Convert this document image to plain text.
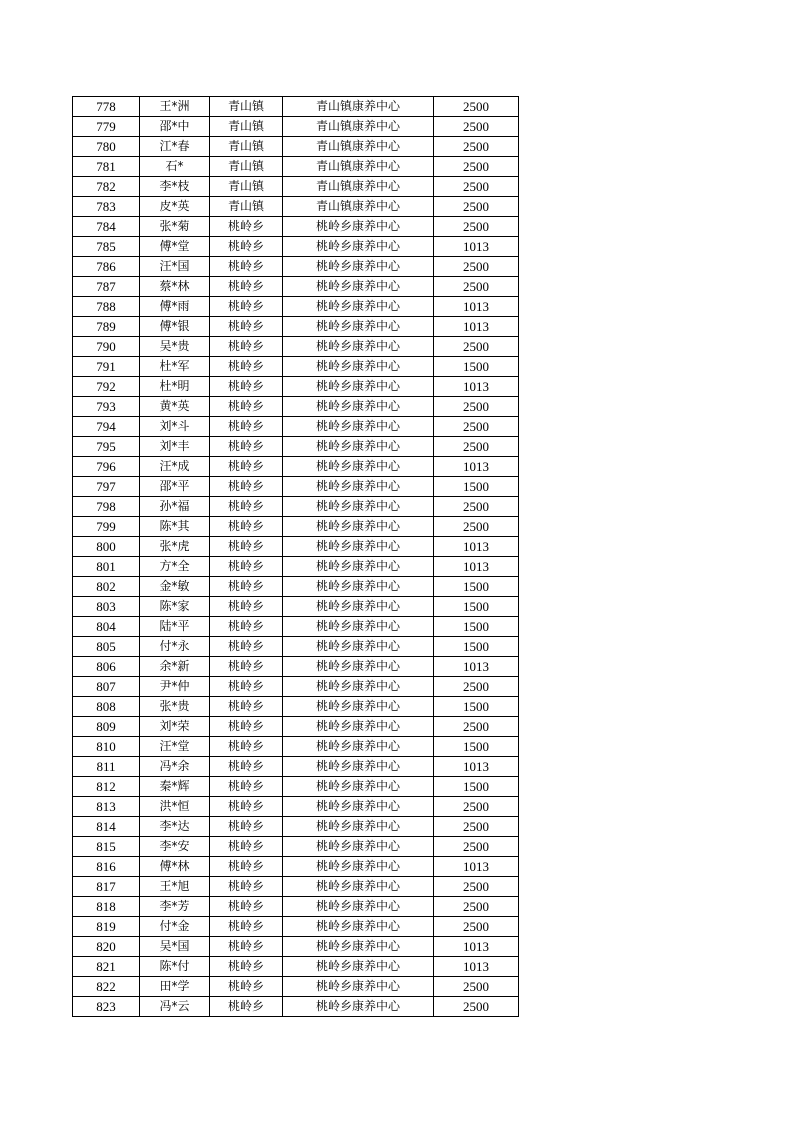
778	王*洲	青山镇	青山镇康养中心	2500
779	邵*中	青山镇	青山镇康养中心	2500
780	江*春	青山镇	青山镇康养中心	2500
781	石*	青山镇	青山镇康养中心	2500
782	李*枝	青山镇	青山镇康养中心	2500
783	皮*英	青山镇	青山镇康养中心	2500
784	张*菊	桃岭乡	桃岭乡康养中心	2500
785	傅*堂	桃岭乡	桃岭乡康养中心	1013
786	汪*国	桃岭乡	桃岭乡康养中心	2500
787	蔡*林	桃岭乡	桃岭乡康养中心	2500
788	傅*雨	桃岭乡	桃岭乡康养中心	1013
789	傅*银	桃岭乡	桃岭乡康养中心	1013
790	吴*贵	桃岭乡	桃岭乡康养中心	2500
791	杜*军	桃岭乡	桃岭乡康养中心	1500
792	杜*明	桃岭乡	桃岭乡康养中心	1013
793	黄*英	桃岭乡	桃岭乡康养中心	2500
794	刘*斗	桃岭乡	桃岭乡康养中心	2500
795	刘*丰	桃岭乡	桃岭乡康养中心	2500
796	汪*成	桃岭乡	桃岭乡康养中心	1013
797	邵*平	桃岭乡	桃岭乡康养中心	1500
798	孙*福	桃岭乡	桃岭乡康养中心	2500
799	陈*其	桃岭乡	桃岭乡康养中心	2500
800	张*虎	桃岭乡	桃岭乡康养中心	1013
801	方*全	桃岭乡	桃岭乡康养中心	1013
802	金*敏	桃岭乡	桃岭乡康养中心	1500
803	陈*家	桃岭乡	桃岭乡康养中心	1500
804	陆*平	桃岭乡	桃岭乡康养中心	1500
805	付*永	桃岭乡	桃岭乡康养中心	1500
806	余*新	桃岭乡	桃岭乡康养中心	1013
807	尹*仲	桃岭乡	桃岭乡康养中心	2500
808	张*贵	桃岭乡	桃岭乡康养中心	1500
809	刘*荣	桃岭乡	桃岭乡康养中心	2500
810	汪*堂	桃岭乡	桃岭乡康养中心	1500
811	冯*余	桃岭乡	桃岭乡康养中心	1013
812	秦*辉	桃岭乡	桃岭乡康养中心	1500
813	洪*恒	桃岭乡	桃岭乡康养中心	2500
814	李*达	桃岭乡	桃岭乡康养中心	2500
815	李*安	桃岭乡	桃岭乡康养中心	2500
816	傅*林	桃岭乡	桃岭乡康养中心	1013
817	王*旭	桃岭乡	桃岭乡康养中心	2500
818	李*芳	桃岭乡	桃岭乡康养中心	2500
819	付*金	桃岭乡	桃岭乡康养中心	2500
820	吴*国	桃岭乡	桃岭乡康养中心	1013
821	陈*付	桃岭乡	桃岭乡康养中心	1013
822	田*学	桃岭乡	桃岭乡康养中心	2500
823	冯*云	桃岭乡	桃岭乡康养中心	2500
